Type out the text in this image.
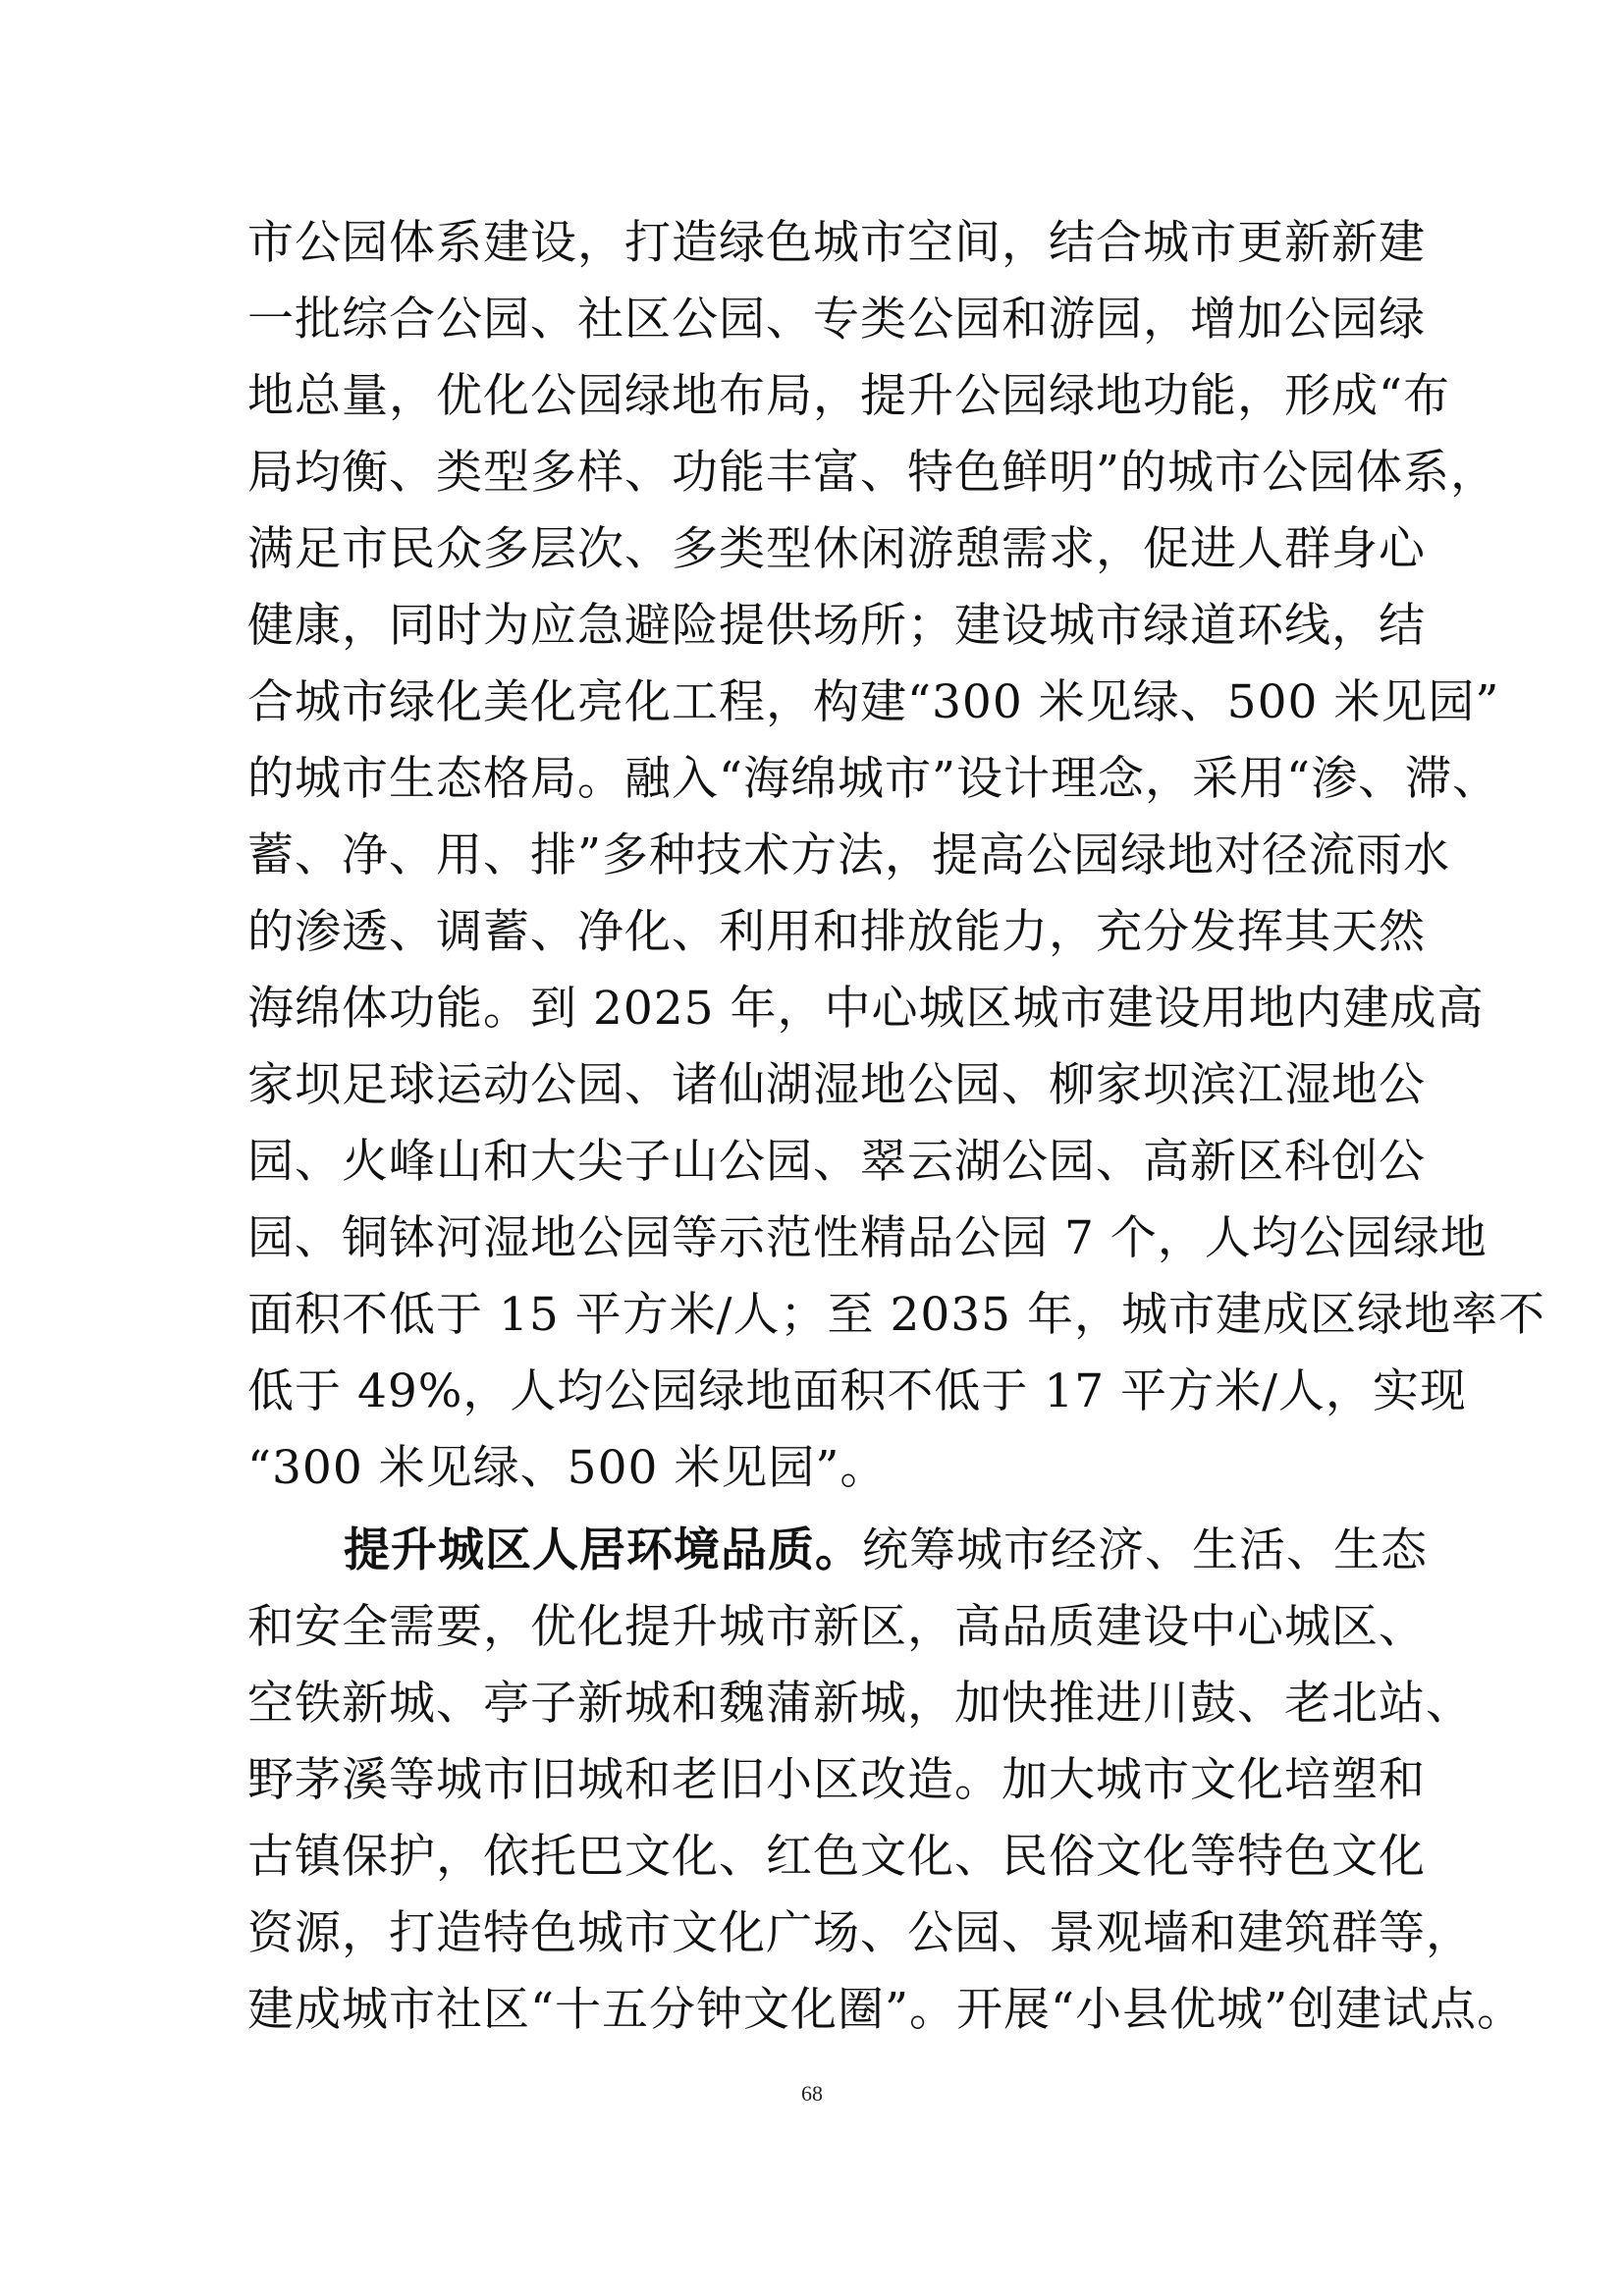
市公园体系建设，打造绿色城市空间，结合城市更新新建
一批综合公园、社区公园、专类公园和游园，增加公园绿
地总量，优化公园绿地布局，提升公园绿地功能，形成“布
局均衡、类型多样、功能丰富、特色鲜明”的城市公园体系，
满足市民众多层次、多类型休闲游憩需求，促进人群身心
健康，同时为应急避险提供场所；建设城市绿道环线，结
合城市绿化美化亮化工程，构建“300 米见绿、500 米见园”
的城市生态格局。融入“海绵城市”设计理念，采用“渗、滞、
蓄、净、用、排”多种技术方法，提高公园绿地对径流雨水
的渗透、调蓄、净化、利用和排放能力，充分发挥其天然
海绵体功能。到 2025 年，中心城区城市建设用地内建成高
家坝足球运动公园、诸仙湖湿地公园、柳家坝滨江湿地公
园、火峰山和大尖子山公园、翠云湖公园、高新区科创公
园、铜钵河湿地公园等示范性精品公园 7 个，人均公园绿地
面积不低于 15 平方米/人；至 2035 年，城市建成区绿地率不
低于 49%，人均公园绿地面积不低于 17 平方米/人，实现
“300 米见绿、500 米见园”。
提升城区人居环境品质。统筹城市经济、生活、生态
和安全需要，优化提升城市新区，高品质建设中心城区、
空铁新城、亭子新城和魏蒲新城，加快推进川鼓、老北站、
野茅溪等城市旧城和老旧小区改造。加大城市文化培塑和
古镇保护，依托巴文化、红色文化、民俗文化等特色文化
资源，打造特色城市文化广场、公园、景观墙和建筑群等，
建成城市社区“十五分钟文化圈”。开展“小县优城”创建试点。
68
